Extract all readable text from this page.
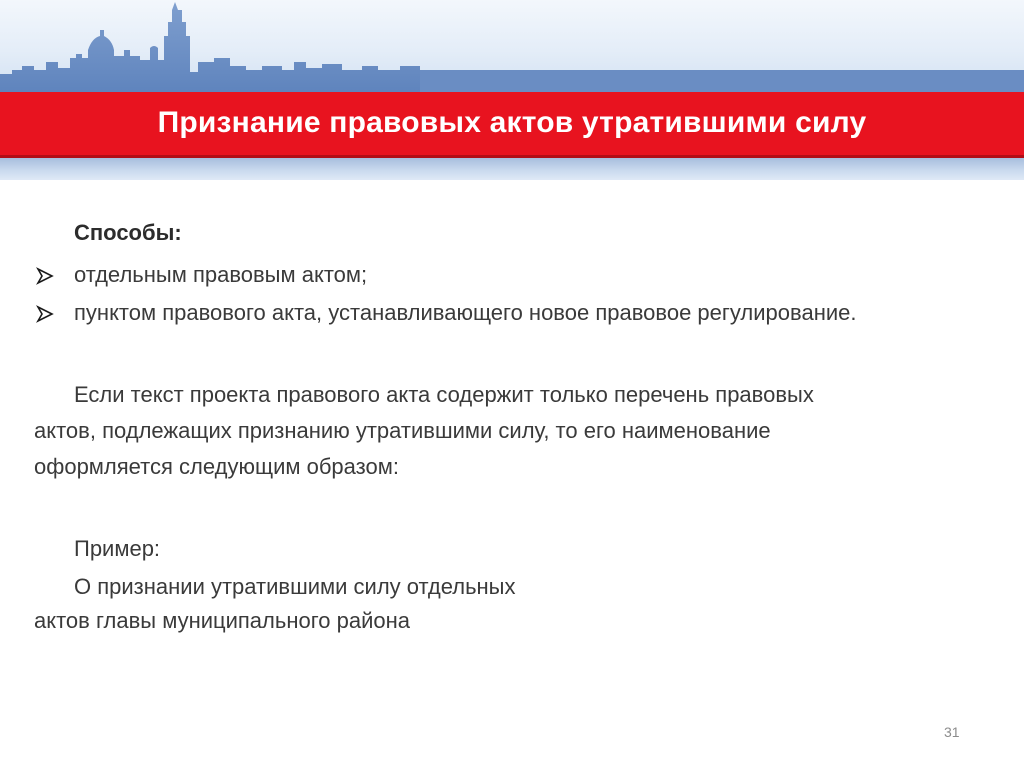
Признание правовых актов утратившими силу
Способы:
отдельным правовым актом;
пунктом правового акта, устанавливающего новое правовое регулирование.
Если текст проекта правового акта содержит только перечень правовых
актов, подлежащих признанию утратившими силу, то его наименование
оформляется следующим образом:
Пример:
О признании утратившими силу отдельных
актов главы муниципального района
31
